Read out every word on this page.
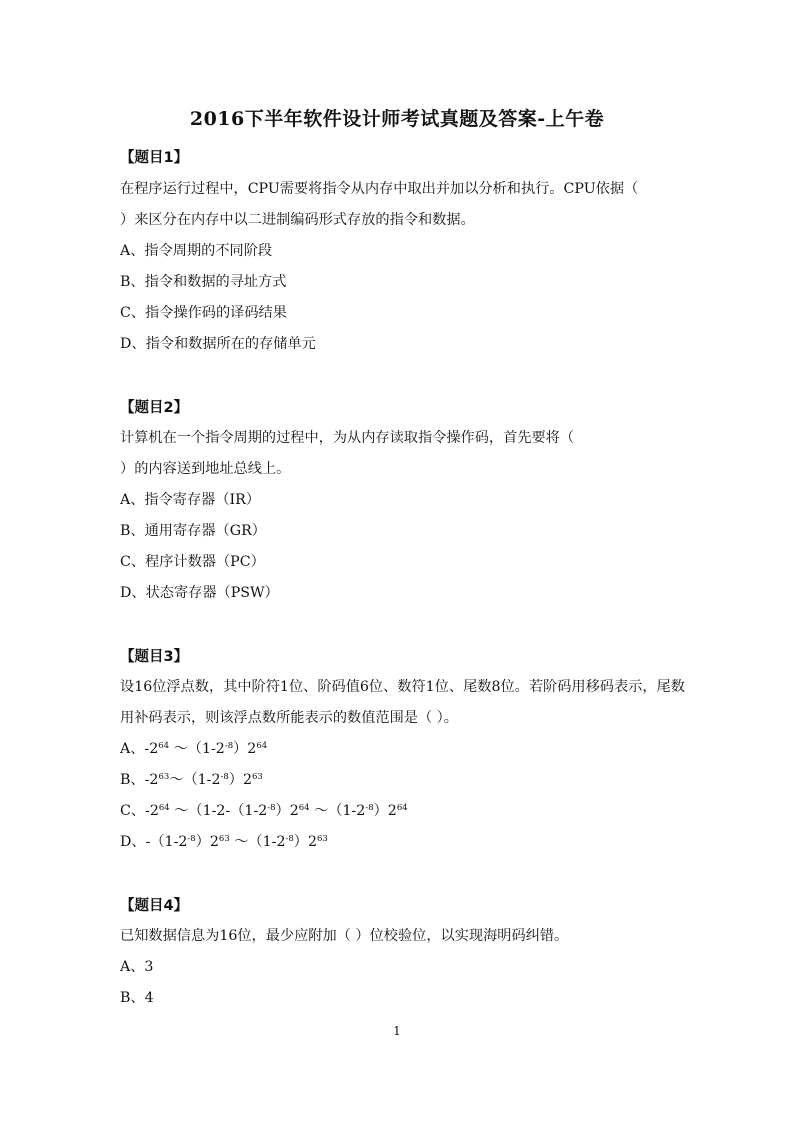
2016下半年软件设计师考试真题及答案-上午卷
【题目1】
在程序运行过程中，CPU需要将指令从内存中取出并加以分析和执行。CPU依据（
）来区分在内存中以二进制编码形式存放的指令和数据。
A、指令周期的不同阶段
B、指令和数据的寻址方式
C、指令操作码的译码结果
D、指令和数据所在的存储单元
【题目2】
计算机在一个指令周期的过程中，为从内存读取指令操作码，首先要将（
）的内容送到地址总线上。
A、指令寄存器（IR）
B、通用寄存器（GR）
C、程序计数器（PC）
D、状态寄存器（PSW）
【题目3】
设16位浮点数，其中阶符1位、阶码值6位、数符1位、尾数8位。若阶码用移码表示，尾数
用补码表示，则该浮点数所能表示的数值范围是（ ）。
A、$-2^{64}$ $\sim(1-2^{-8})2^{64}$
B、$-2^{63}\sim(1-2^{-8})2^{63}$
C、$-2^{64}$ $\sim(1-2-(1-2^{-8})2^{64}$ $\sim(1-2^{-8})2^{64}$
D、$-(1-2^{-8})2^{63}$ $\sim(1-2^{-8})2^{63}$
【题目4】
已知数据信息为16位，最少应附加（ ）位校验位，以实现海明码纠错。
A、3
B、4
1
